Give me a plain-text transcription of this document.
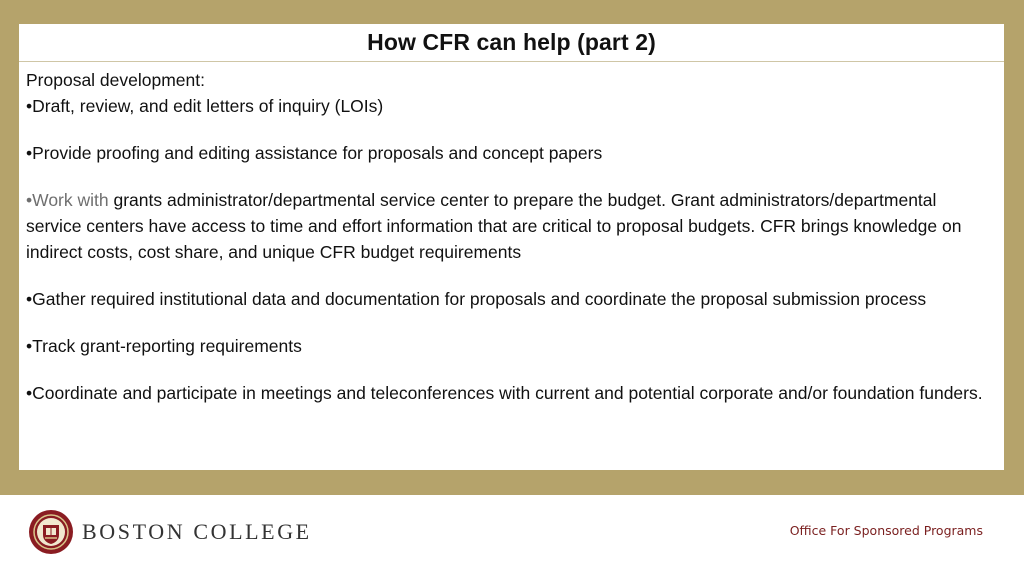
How CFR can help (part 2)

Proposal development:

•Draft, review, and edit letters of inquiry (LOIs)
•Provide proofing and editing assistance for proposals and concept papers
•Work with grants administrator/departmental service center to prepare the budget. Grant administrators/departmental service centers have access to time and effort information that are critical to proposal budgets. CFR brings knowledge on indirect costs, cost share, and unique CFR budget requirements
•Gather required institutional data and documentation for proposals and coordinate the proposal submission process
•Track grant-reporting requirements
•Coordinate and participate in meetings and teleconferences with current and potential corporate and/or foundation funders.
BOSTON COLLEGE	Office For Sponsored Programs
